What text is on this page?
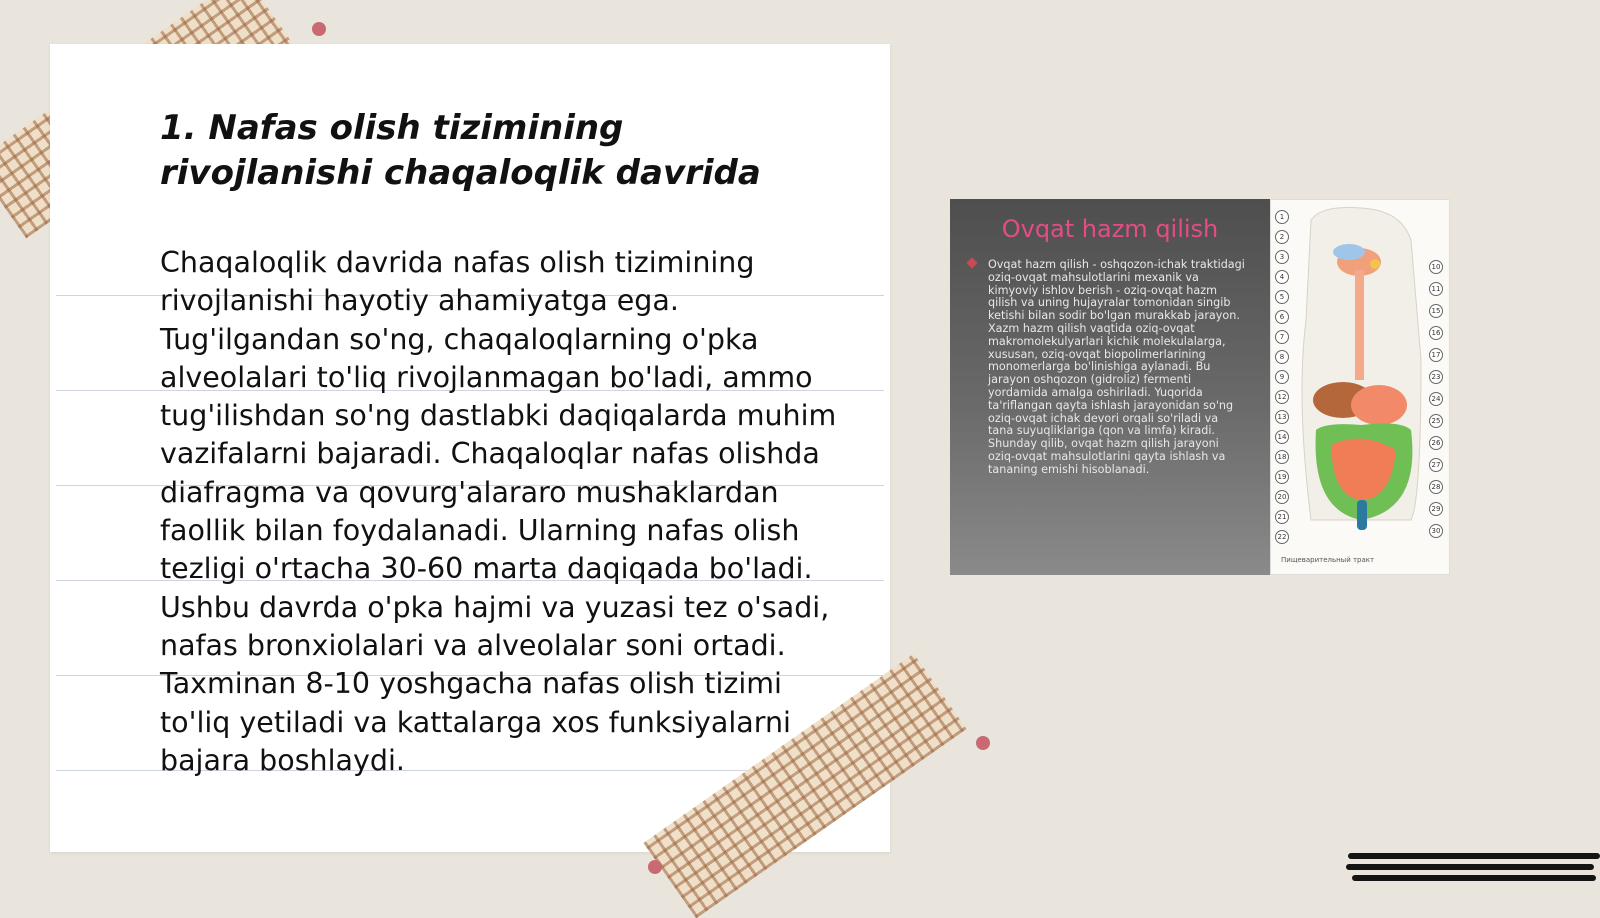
1. Nafas olish tizimining rivojlanishi chaqaloqlik davrida
Chaqaloqlik davrida nafas olish tizimining rivojlanishi hayotiy ahamiyatga ega. Tug'ilgandan so'ng, chaqaloqlarning o'pka alveolalari to'liq rivojlanmagan bo'ladi, ammo tug'ilishdan so'ng dastlabki daqiqalarda muhim vazifalarni bajaradi. Chaqaloqlar nafas olishda diafragma va qovurg'alararo mushaklardan faollik bilan foydalanadi. Ularning nafas olish tezligi o'rtacha 30-60 marta daqiqada bo'ladi. Ushbu davrda o'pka hajmi va yuzasi tez o'sadi, nafas bronxiolalari va alveolalar soni ortadi. Taxminan 8-10 yoshgacha nafas olish tizimi to'liq yetiladi va kattalarga xos funksiyalarni bajara boshlaydi.
Ovqat hazm qilish
Ovqat hazm qilish - oshqozon-ichak traktidagi oziq-ovqat mahsulotlarini mexanik va kimyoviy ishlov berish - oziq-ovqat hazm qilish va uning hujayralar tomonidan singib ketishi bilan sodir bo'lgan murakkab jarayon. Xazm hazm qilish vaqtida oziq-ovqat makromolekulyarlari kichik molekulalarga, xususan, oziq-ovqat biopolimerlarining monomerlarga bo'linishiga aylanadi. Bu jarayon oshqozon (gidroliz) fermenti yordamida amalga oshiriladi. Yuqorida ta'riflangan qayta ishlash jarayonidan so'ng oziq-ovqat ichak devori orqali so'riladi va tana suyuqliklariga (qon va limfa) kiradi. Shunday qilib, ovqat hazm qilish jarayoni oziq-ovqat mahsulotlarini qayta ishlash va tananing emishi hisoblanadi.
1
2
3
4
5
6
7
8
9
12
13
14
18
19
20
21
22
10
11
15
16
17
23
24
25
26
27
28
29
30
Пищеварительный тракт
